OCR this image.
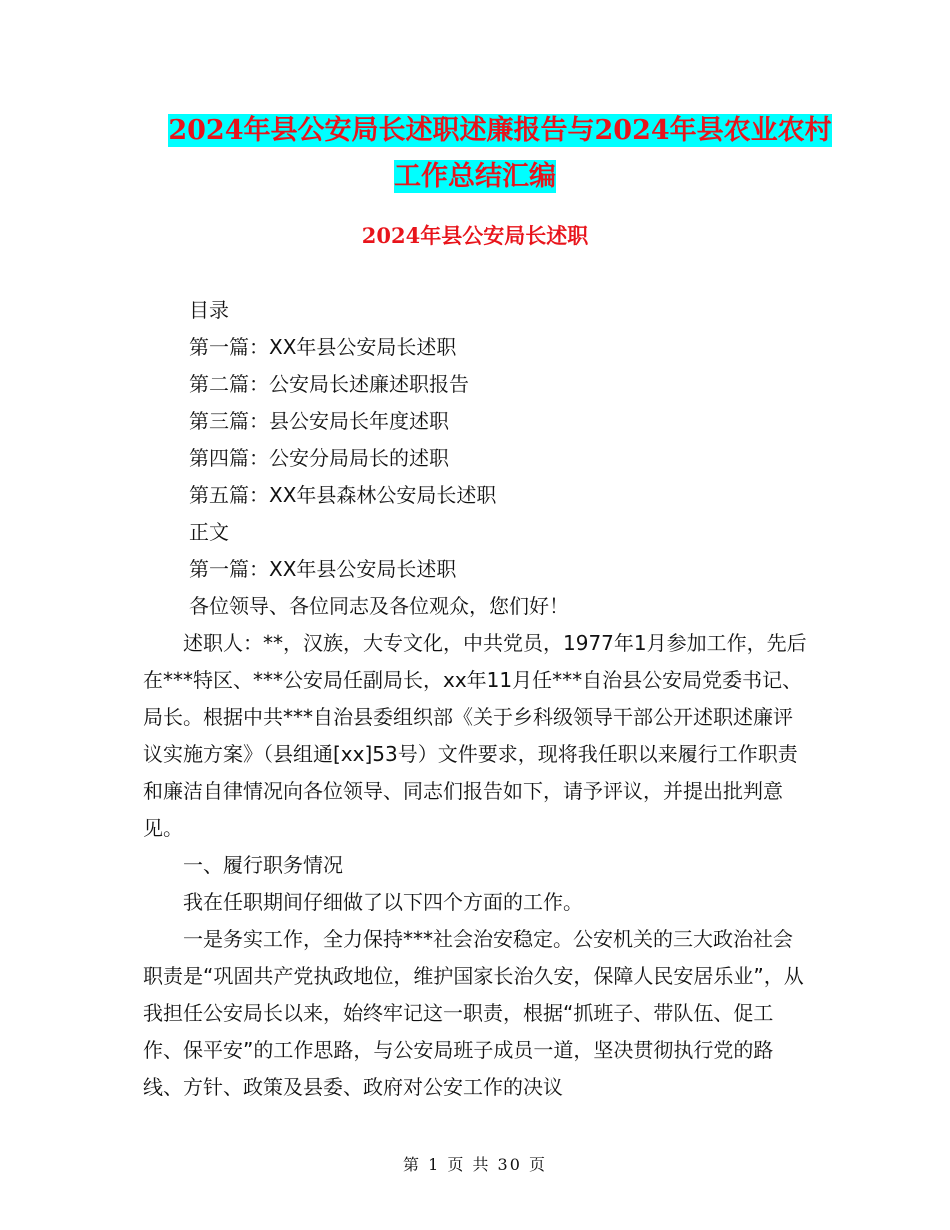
2024年县公安局长述职述廉报告与2024年县农业农村
工作总结汇编
2024年县公安局长述职

目录

第一篇：XX年县公安局长述职

第二篇：公安局长述廉述职报告

第三篇：县公安局长年度述职

第四篇：公安分局局长的述职

第五篇：XX年县森林公安局长述职

正文

第一篇：XX年县公安局长述职

各位领导、各位同志及各位观众，您们好！

述职人：**，汉族，大专文化，中共党员，1977年1月参加工作，先后在***特区、***公安局任副局长，xx年11月任***自治县公安局党委书记、局长。根据中共***自治县委组织部《关于乡科级领导干部公开述职述廉评议实施方案》（县组通[xx]53号）文件要求，现将我任职以来履行工作职责和廉洁自律情况向各位领导、同志们报告如下，请予评议，并提出批判意见。

一、履行职务情况

我在任职期间仔细做了以下四个方面的工作。

一是务实工作，全力保持***社会治安稳定。公安机关的三大政治社会职责是“巩固共产党执政地位，维护国家长治久安，保障人民安居乐业”，从我担任公安局长以来，始终牢记这一职责，根据“抓班子、带队伍、促工作、保平安”的工作思路，与公安局班子成员一道，坚决贯彻执行党的路线、方针、政策及县委、政府对公安工作的决议

第 1 页 共 30 页
